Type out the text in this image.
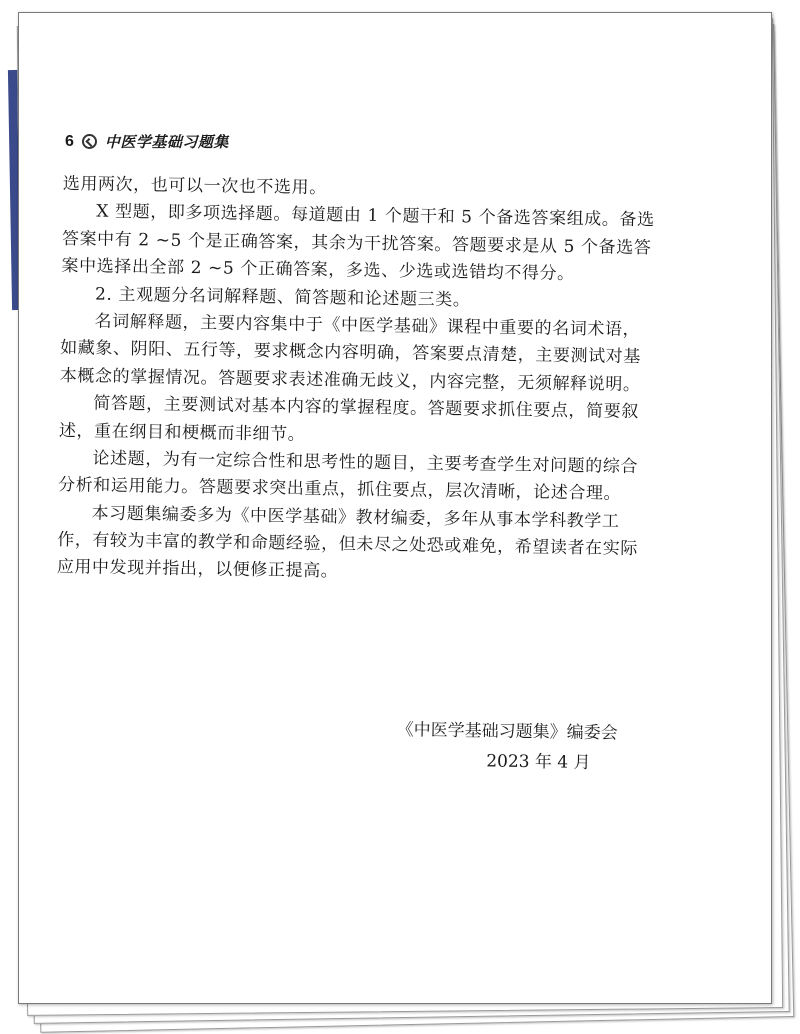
6 中医学基础习题集
选用两次，也可以一次也不选用。
X 型题，即多项选择题。每道题由 1 个题干和 5 个备选答案组成。备选
答案中有 2 ~5 个是正确答案，其余为干扰答案。答题要求是从 5 个备选答
案中选择出全部 2 ~5 个正确答案，多选、少选或选错均不得分。
2. 主观题分名词解释题、简答题和论述题三类。
名词解释题，主要内容集中于《中医学基础》课程中重要的名词术语，
如藏象、阴阳、五行等，要求概念内容明确，答案要点清楚，主要测试对基
本概念的掌握情况。答题要求表述准确无歧义，内容完整，无须解释说明。
简答题，主要测试对基本内容的掌握程度。答题要求抓住要点，简要叙
述，重在纲目和梗概而非细节。
论述题，为有一定综合性和思考性的题目，主要考查学生对问题的综合
分析和运用能力。答题要求突出重点，抓住要点，层次清晰，论述合理。
本习题集编委多为《中医学基础》教材编委，多年从事本学科教学工
作，有较为丰富的教学和命题经验，但未尽之处恐或难免，希望读者在实际
应用中发现并指出，以便修正提高。
《中医学基础习题集》编委会
2023 年 4 月
